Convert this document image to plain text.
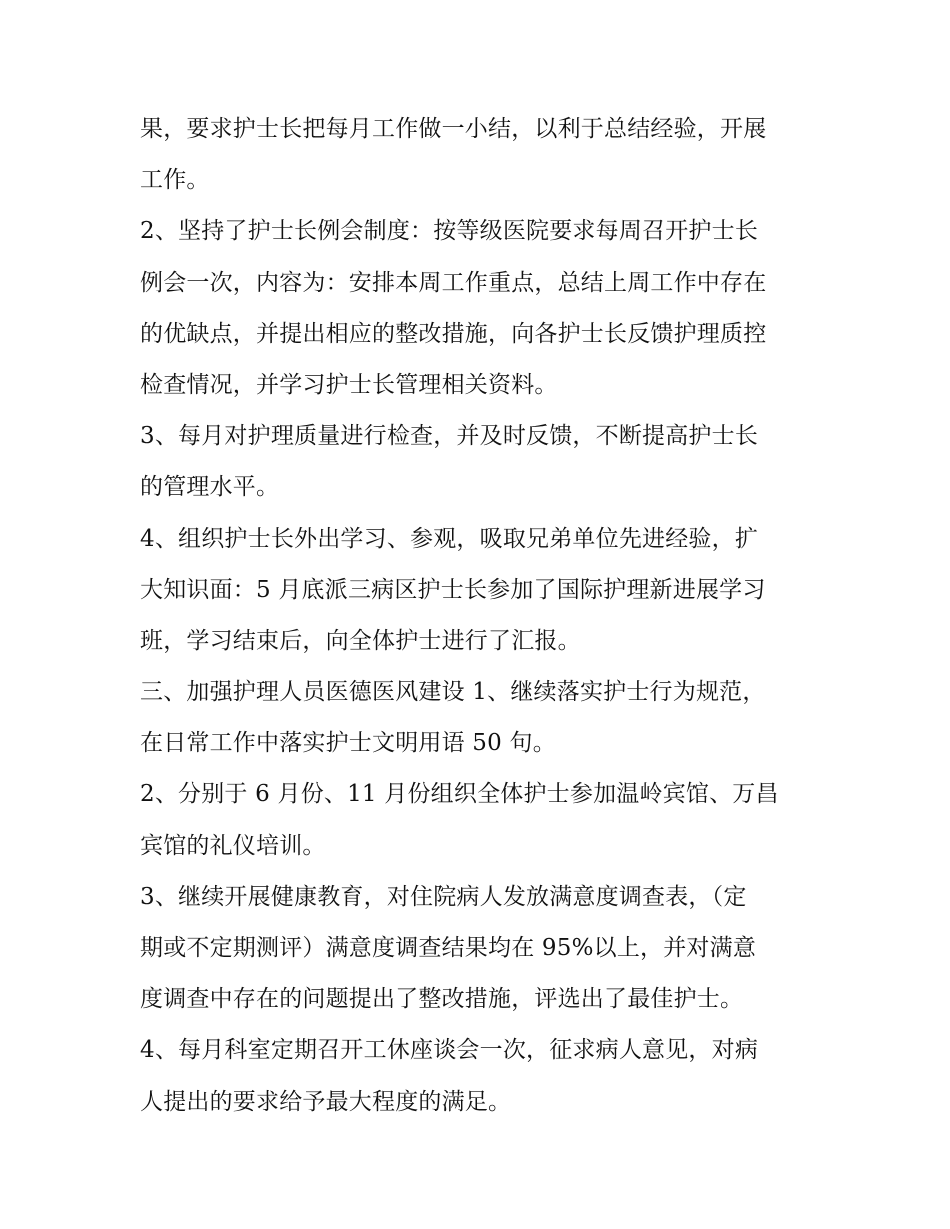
果，要求护士长把每月工作做一小结，以利于总结经验，开展
工作。
2、坚持了护士长例会制度：按等级医院要求每周召开护士长
例会一次，内容为：安排本周工作重点，总结上周工作中存在
的优缺点，并提出相应的整改措施，向各护士长反馈护理质控
检查情况，并学习护士长管理相关资料。
3、每月对护理质量进行检查，并及时反馈，不断提高护士长
的管理水平。
4、组织护士长外出学习、参观，吸取兄弟单位先进经验，扩
大知识面：5 月底派三病区护士长参加了国际护理新进展学习
班，学习结束后，向全体护士进行了汇报。
三、加强护理人员医德医风建设 1、继续落实护士行为规范，
在日常工作中落实护士文明用语 50 句。
2、分别于 6 月份、11 月份组织全体护士参加温岭宾馆、万昌
宾馆的礼仪培训。
3、继续开展健康教育，对住院病人发放满意度调查表，（定
期或不定期测评）满意度调查结果均在 95%以上，并对满意
度调查中存在的问题提出了整改措施，评选出了最佳护士。
4、每月科室定期召开工休座谈会一次，征求病人意见，对病
人提出的要求给予最大程度的满足。
